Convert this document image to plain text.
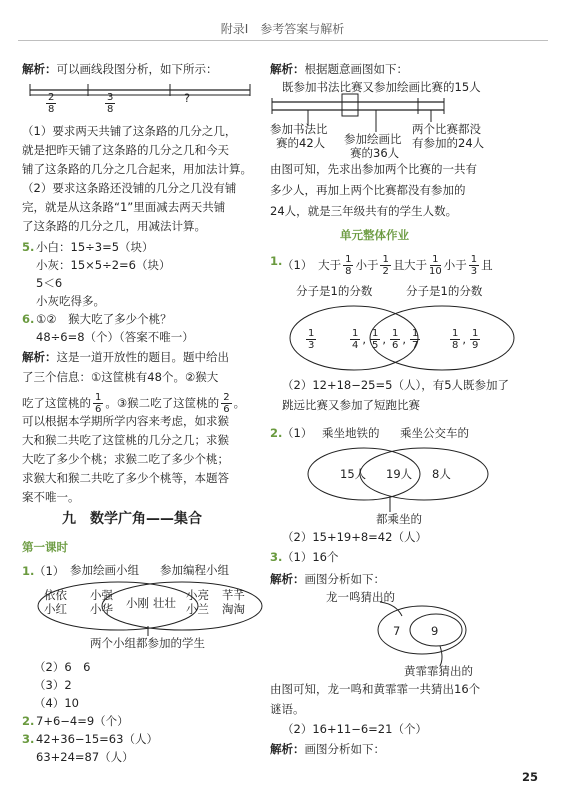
附录Ⅰ　参考答案与解析
解析：可以画线段图分析，如下所示：
$\frac{2}{8}$	$\frac{3}{8}$	?
（1）要求两天共铺了这条路的几分之几，
就是把昨天铺了这条路的几分之几和今天
铺了这条路的几分之几合起来，用加法计算。
（2）要求这条路还没铺的几分之几没有铺
完，就是从这条路“1”里面减去两天共铺
了这条路的几分之几，用减法计算。
5. 小白：15÷3=5（块）
小灰：15×5÷2=6（块）
5＜6
小灰吃得多。
6. ①②　猴大吃了多少个桃？
48÷6=8（个）（答案不唯一）
解析：这是一道开放性的题目。题中给出
了三个信息：①这筐桃有48个。②猴大
吃了这筐桃的 $\frac{1}{6}$ 。③猴二吃了这筐桃的 $\frac{2}{6}$ 。
可以根据本学期所学内容来考虑，如求猴
大和猴二共吃了这筐桃的几分之几；求猴
大吃了多少个桃；求猴二吃了多少个桃；
求猴大和猴二共吃了多少个桃等，本题答
案不唯一。
九　数学广角——集合
第一课时
1. （1） 参加绘画小组 参加编程小组
依依
小红
小强
小华 小刚 壮壮
小亮
小兰
芊芊
淘淘
两个小组都参加的学生
（2）6　6
（3）2
（4）10
2. 7+6−4=9（个）
3. 42+36−15=63（人）
63+24=87（人）
解析：根据题意画图如下：
既参加书法比赛又参加绘画比赛的15人
参加书法比
赛的42人 参加绘画比
赛的36人
两个比赛都没
有参加的24人
由图可知，先求出参加两个比赛的一共有
多少人，再加上两个比赛都没有参加的
24人，就是三年级共有的学生人数。
单元整体作业
1. （1）　大于 $\frac{1}{8}$ 小于 $\frac{1}{2}$ 且 大于 $\frac{1}{10}$ 小于 $\frac{1}{3}$ 且
分子是1的分数	分子是1的分数
$\frac{1}{3}$	$\frac{1}{4}$ , $\frac{1}{5}$ , $\frac{1}{6}$ , $\frac{1}{7}$	$\frac{1}{8}$ , $\frac{1}{9}$
（2）12+18−25=5（人），有5人既参加了
跳远比赛又参加了短跑比赛
2. （1） 乘坐地铁的 乘坐公交车的
15人 19人 8人
都乘坐的
（2）15+19+8=42（人）
3. （1）16个
解析：画图分析如下：
龙一鸣猜出的
7	9
黄霏霏猜出的
由图可知，龙一鸣和黄霏霏一共猜出16个
谜语。
（2）16+11−6=21（个）
解析：画图分析如下：
25
